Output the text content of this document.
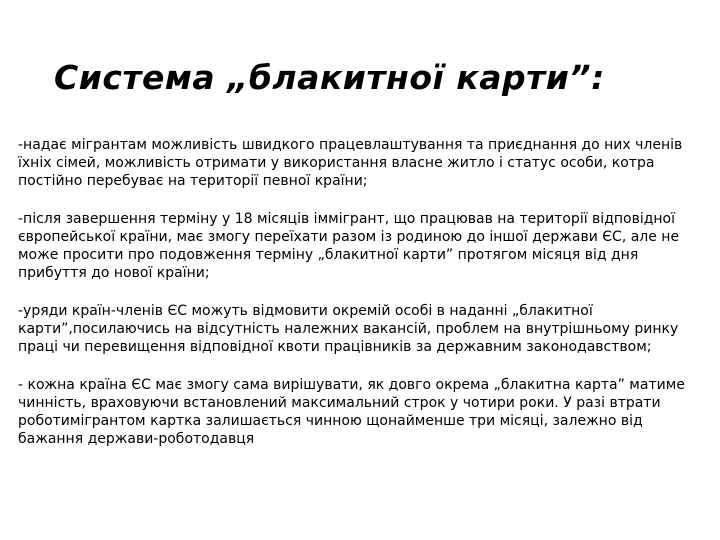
Система „блакитної карти”:

-надає мігрантам можливість швидкого працевлаштування та приєднання до них членів їхніх сімей, можливість отримати у використання власне житло і статус особи, котра постійно перебуває на території певної країни;

-після завершення терміну у 18 місяців іммігрант, що працював на території відповідної європейської країни, має змогу переїхати разом із родиною до іншої держави ЄС, але не може просити про подовження терміну „блакитної карти” протягом місяця від дня прибуття до нової країни;

-уряди країн-членів ЄС можуть відмовити окремій особі в наданні „блакитної карти”,посилаючись на відсутність належних вакансій, проблем на внутрішньому ринку праці чи перевищення відповідної квоти працівників за державним законодавством;

- кожна країна ЄС має змогу сама вирішувати, як довго окрема „блакитна карта” матиме чинність, враховуючи встановлений максимальний строк у чотири роки. У разі втрати роботимігрантом картка залишається чинною щонайменше три місяці, залежно від бажання держави-роботодавця
